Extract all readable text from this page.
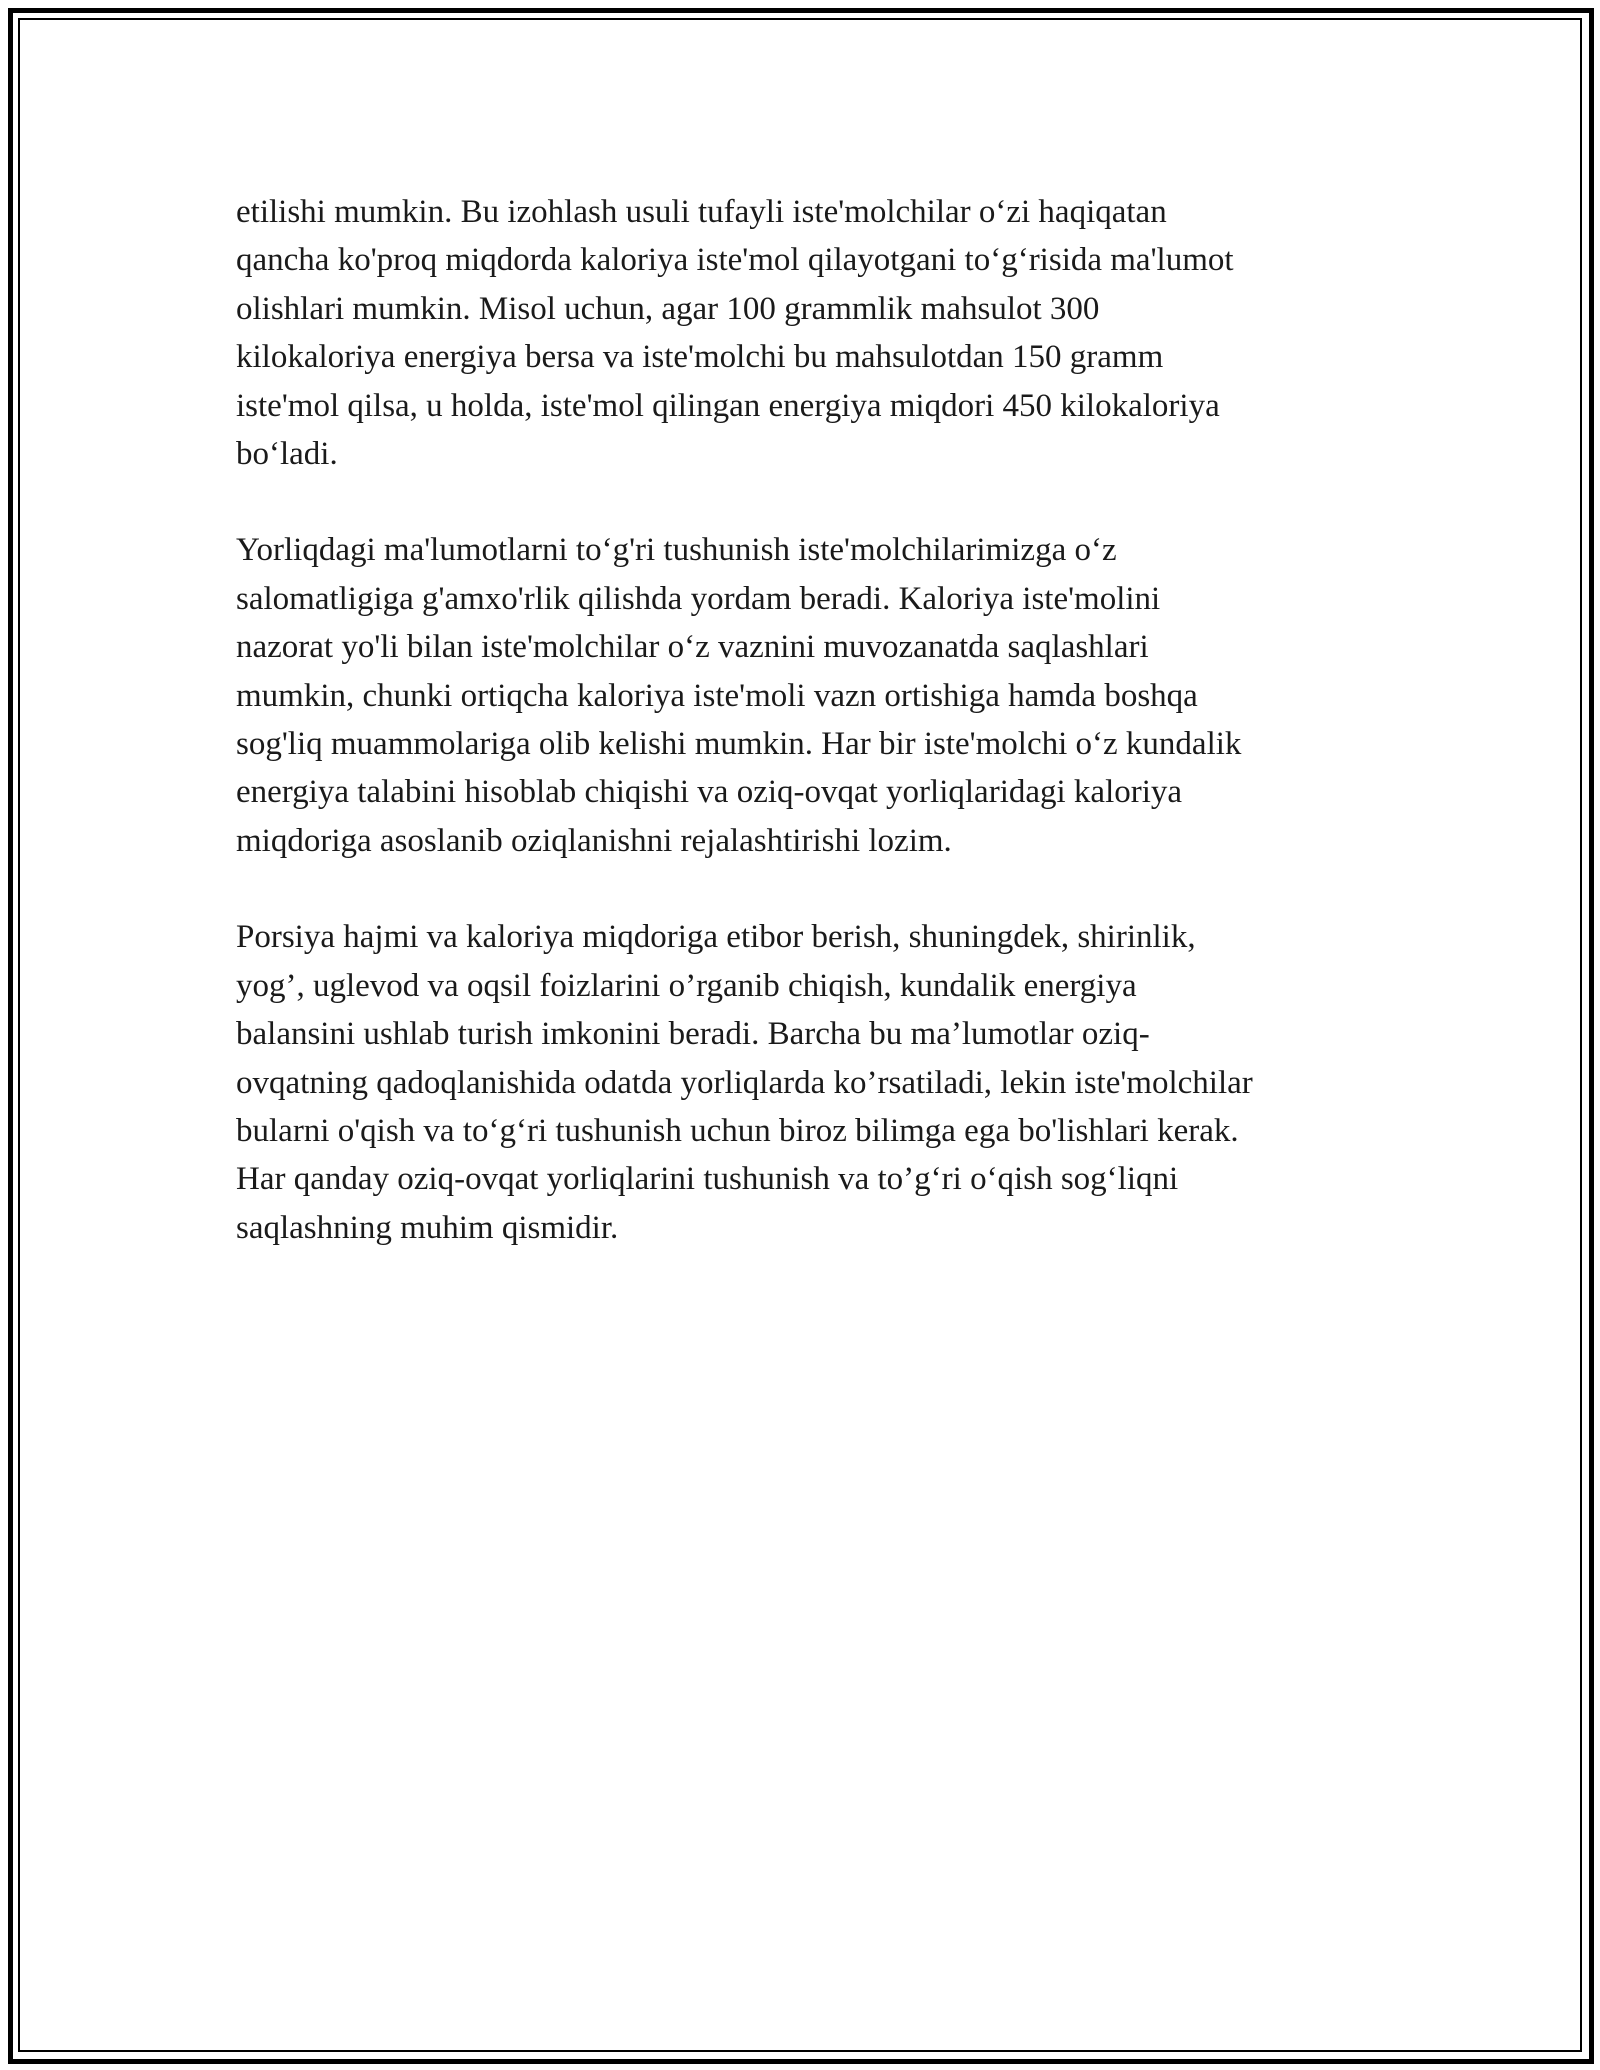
etilishi mumkin. Bu izohlash usuli tufayli iste'molchilar o‘zi haqiqatan
qancha ko'proq miqdorda kaloriya iste'mol qilayotgani to‘g‘risida ma'lumot
olishlari mumkin. Misol uchun, agar 100 grammlik mahsulot 300
kilokaloriya energiya bersa va iste'molchi bu mahsulotdan 150 gramm
iste'mol qilsa, u holda, iste'mol qilingan energiya miqdori 450 kilokaloriya
bo‘ladi.

Yorliqdagi ma'lumotlarni to‘g'ri tushunish iste'molchilarimizga o‘z
salomatligiga g'amxo'rlik qilishda yordam beradi. Kaloriya iste'molini
nazorat yo'li bilan iste'molchilar o‘z vaznini muvozanatda saqlashlari
mumkin, chunki ortiqcha kaloriya iste'moli vazn ortishiga hamda boshqa
sog'liq muammolariga olib kelishi mumkin. Har bir iste'molchi o‘z kundalik
energiya talabini hisoblab chiqishi va oziq-ovqat yorliqlaridagi kaloriya
miqdoriga asoslanib oziqlanishni rejalashtirishi lozim.

Porsiya hajmi va kaloriya miqdoriga etibor berish, shuningdek, shirinlik,
yog’, uglevod va oqsil foizlarini o’rganib chiqish, kundalik energiya
balansini ushlab turish imkonini beradi. Barcha bu ma’lumotlar oziq-
ovqatning qadoqlanishida odatda yorliqlarda ko’rsatiladi, lekin iste'molchilar
bularni o'qish va to‘g‘ri tushunish uchun biroz bilimga ega bo'lishlari kerak.
Har qanday oziq-ovqat yorliqlarini tushunish va to’g‘ri o‘qish sog‘liqni
saqlashning muhim qismidir.
